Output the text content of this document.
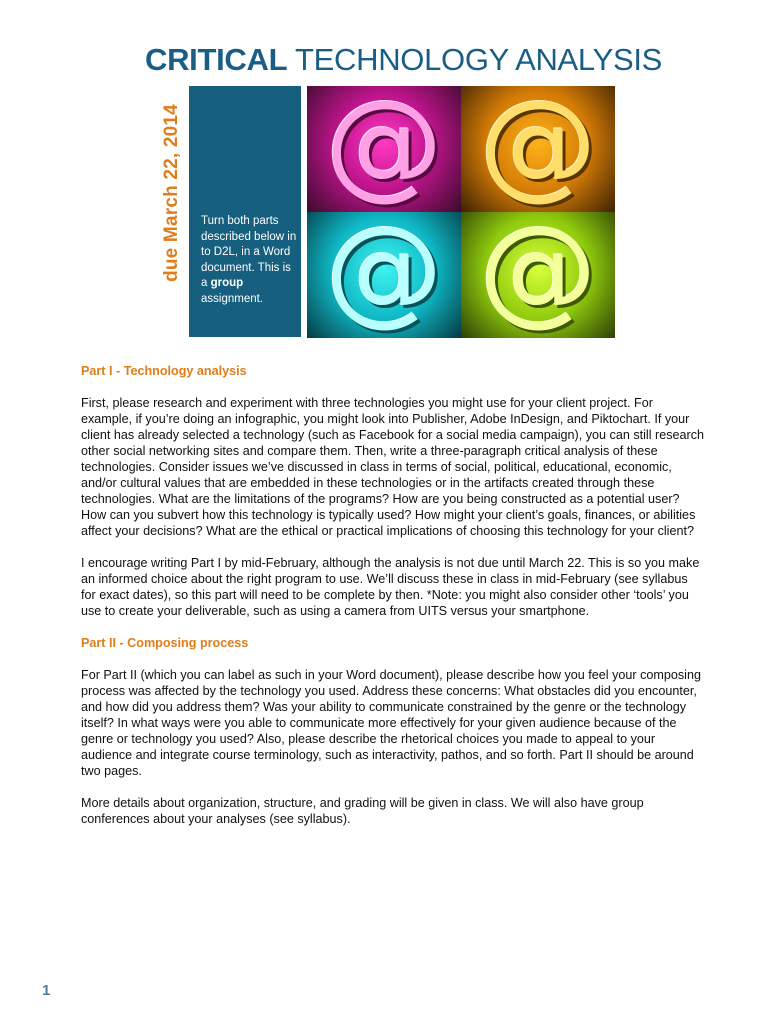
CRITICAL TECHNOLOGY ANALYSIS
due March 22, 2014 Turn both parts described below in to D2L, in a Word document. This is a group assignment.
@ @
@ @
Part I - Technology analysis

First, please research and experiment with three technologies you might use for your client project. For example, if you’re doing an infographic, you might look into Publisher, Adobe InDesign, and Piktochart. If your client has already selected a technology (such as Facebook for a social media campaign), you can still research other social networking sites and compare them. Then, write a three-paragraph critical analysis of these technologies. Consider issues we’ve discussed in class in terms of social, political, educational, economic, and/or cultural values that are embedded in these technologies or in the artifacts created through these technologies. What are the limitations of the programs? How are you being constructed as a potential user? How can you subvert how this technology is typically used? How might your client’s goals, finances, or abilities affect your decisions? What are the ethical or practical implications of choosing this technology for your client?

I encourage writing Part I by mid-February, although the analysis is not due until March 22. This is so you make an informed choice about the right program to use. We’ll discuss these in class in mid-February (see syllabus for exact dates), so this part will need to be complete by then. *Note: you might also consider other ‘tools’ you use to create your deliverable, such as using a camera from UITS versus your smartphone.

Part II - Composing process

For Part II (which you can label as such in your Word document), please describe how you feel your composing process was affected by the technology you used. Address these concerns: What obstacles did you encounter, and how did you address them? Was your ability to communicate constrained by the genre or the technology itself? In what ways were you able to communicate more effectively for your given audience because of the genre or technology you used? Also, please describe the rhetorical choices you made to appeal to your audience and integrate course terminology, such as interactivity, pathos, and so forth. Part II should be around two pages.

More details about organization, structure, and grading will be given in class. We will also have group conferences about your analyses (see syllabus).

1
